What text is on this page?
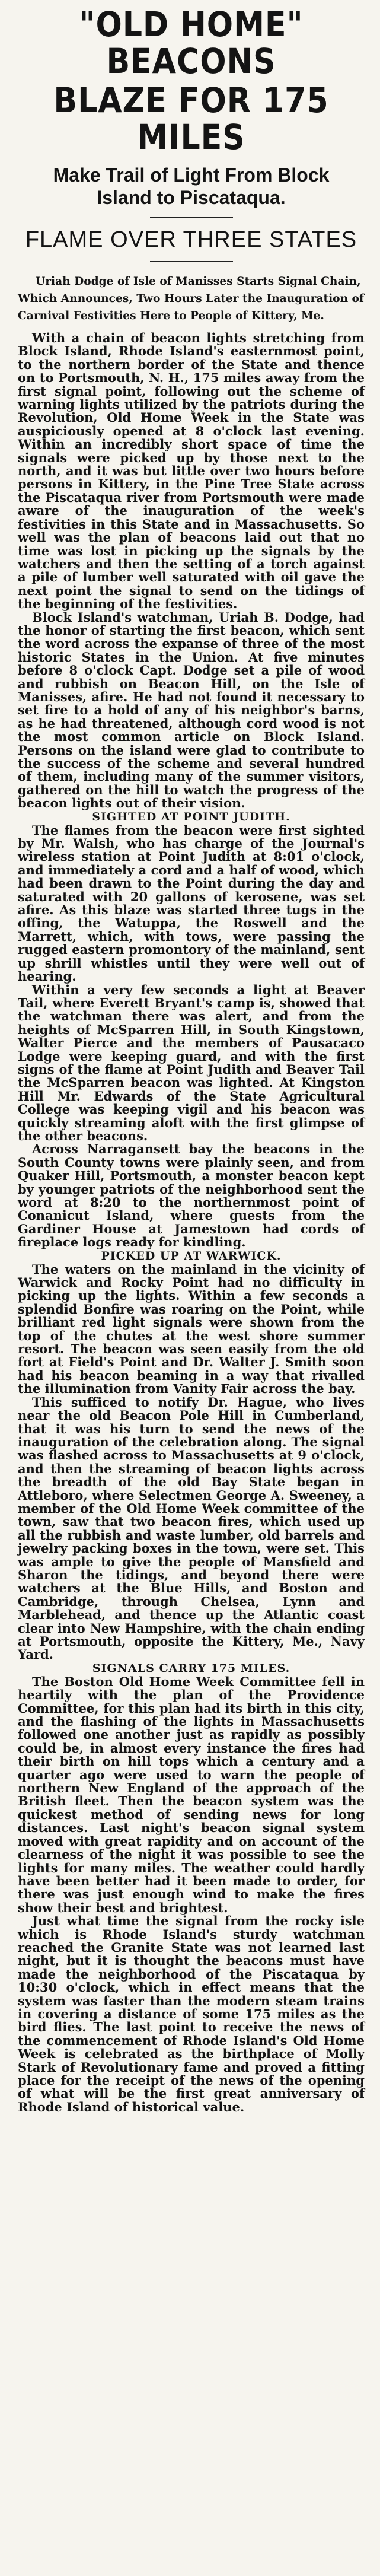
"OLD HOME" BEACONS
BLAZE FOR 175 MILES
Make Trail of Light From Block
Island to Piscataqua.
FLAME OVER THREE STATES
Uriah Dodge of Isle of Manisses Starts Signal Chain, Which Announces, Two Hours Later the Inauguration of Carnival Festivities Here to People of Kittery, Me.

With a chain of beacon lights stretching from Block Island, Rhode Island's easternmost point, to the northern border of the State and thence on to Portsmouth, N. H., 175 miles away from the first signal point, following out the scheme of warning lights utilized by the patriots during the Revolution, Old Home Week in the State was auspiciously opened at 8 o'clock last evening. Within an incredibly short space of time the signals were picked up by those next to the north, and it was but little over two hours before persons in Kittery, in the Pine Tree State across the Piscataqua river from Portsmouth were made aware of the inauguration of the week's festivities in this State and in Massachusetts. So well was the plan of beacons laid out that no time was lost in picking up the signals by the watchers and then the setting of a torch against a pile of lumber well saturated with oil gave the next point the signal to send on the tidings of the beginning of the festivities.

Block Island's watchman, Uriah B. Dodge, had the honor of starting the first beacon, which sent the word across the expanse of three of the most historic States in the Union. At five minutes before 8 o'clock Capt. Dodge set a pile of wood and rubbish on Beacon Hill, on the Isle of Manisses, afire. He had not found it necessary to set fire to a hold of any of his neighbor's barns, as he had threatened, although cord wood is not the most common article on Block Island. Persons on the island were glad to contribute to the success of the scheme and several hundred of them, including many of the summer visitors, gathered on the hill to watch the progress of the beacon lights out of their vision.

SIGHTED AT POINT JUDITH.

The flames from the beacon were first sighted by Mr. Walsh, who has charge of the Journal's wireless station at Point Judith at 8:01 o'clock, and immediately a cord and a half of wood, which had been drawn to the Point during the day and saturated with 20 gallons of kerosene, was set afire. As this blaze was started three tugs in the offing, the Watuppa, the Roswell and the Marrett, which, with tows, were passing the rugged eastern promontory of the mainland, sent up shrill whistles until they were well out of hearing.

Within a very few seconds a light at Beaver Tail, where Everett Bryant's camp is, showed that the watchman there was alert, and from the heights of McSparren Hill, in South Kingstown, Walter Pierce and the members of Pausacaco Lodge were keeping guard, and with the first signs of the flame at Point Judith and Beaver Tail the McSparren beacon was lighted. At Kingston Hill Mr. Edwards of the State Agricultural College was keeping vigil and his beacon was quickly streaming aloft with the first glimpse of the other beacons.

Across Narragansett bay the beacons in the South County towns were plainly seen, and from Quaker Hill, Portsmouth, a monster beacon kept by younger patriots of the neighborhood sent the word at 8:20 to the northernmost point of Conanicut Island, where guests from the Gardiner House at Jamestown had cords of fireplace logs ready for kindling.

PICKED UP AT WARWICK.

The waters on the mainland in the vicinity of Warwick and Rocky Point had no difficulty in picking up the lights. Within a few seconds a splendid Bonfire was roaring on the Point, while brilliant red light signals were shown from the top of the chutes at the west shore summer resort. The beacon was seen easily from the old fort at Field's Point and Dr. Walter J. Smith soon had his beacon beaming in a way that rivalled the illumination from Vanity Fair across the bay.

This sufficed to notify Dr. Hague, who lives near the old Beacon Pole Hill in Cumberland, that it was his turn to send the news of the inauguration of the celebration along. The signal was flashed across to Massachusetts at 9 o'clock, and then the streaming of beacon lights across the breadth of the old Bay State began in Attleboro, where Selectmen George A. Sweeney, a member of the Old Home Week committee of the town, saw that two beacon fires, which used up all the rubbish and waste lumber, old barrels and jewelry packing boxes in the town, were set. This was ample to give the people of Mansfield and Sharon the tidings, and beyond there were watchers at the Blue Hills, and Boston and Cambridge, through Chelsea, Lynn and Marblehead, and thence up the Atlantic coast clear into New Hampshire, with the chain ending at Portsmouth, opposite the Kittery, Me., Navy Yard.

SIGNALS CARRY 175 MILES.

The Boston Old Home Week Committee fell in heartily with the plan of the Providence Committee, for this plan had its birth in this city, and the flashing of the lights in Massachusetts followed one another just as rapidly as possibly could be, in almost every instance the fires had their birth on hill tops which a century and a quarter ago were used to warn the people of northern New England of the approach of the British fleet. Then the beacon system was the quickest method of sending news for long distances. Last night's beacon signal system moved with great rapidity and on account of the clearness of the night it was possible to see the lights for many miles. The weather could hardly have been better had it been made to order, for there was just enough wind to make the fires show their best and brightest.

Just what time the signal from the rocky isle which is Rhode Island's sturdy watchman reached the Granite State was not learned last night, but it is thought the beacons must have made the neighborhood of the Piscataqua by 10:30 o'clock, which in effect means that the system was faster than the modern steam trains in covering a distance of some 175 miles as the bird flies. The last point to receive the news of the commencement of Rhode Island's Old Home Week is celebrated as the birthplace of Molly Stark of Revolutionary fame and proved a fitting place for the receipt of the news of the opening of what will be the first great anniversary of Rhode Island of historical value.
